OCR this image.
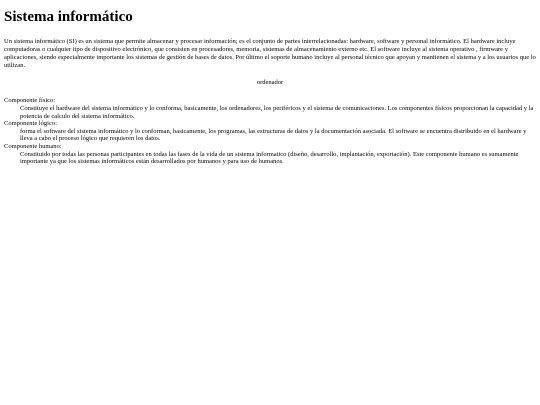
Sistema informático

Un sistema informático (SI) es un sistema que permite almacenar y procesar información; es el conjunto de partes interrelacionadas: hardware, software y personal informático. El hardware incluye computadoras o cualquier tipo de dispositivo electrónico, que consisten en procesadores, memoria, sistemas de almacenamiento externo etc. El software incluye al sistema operativo , firmware y aplicaciones, siendo especialmente importante los sistemas de gestión de bases de datos. Por último el soporte humano incluye al personal técnico que apoyan y mantienen el sistema y a los usuarios que lo utilizan.

ordenador
Componente físico:
Constituye el hardware del sistema informático y lo conforma, basicamente, los ordenadores, los periféricos y el sistema de comunicaciones. Los componentes físicos proporcionan la capacidad y la potencia de calculo del sistema informático.
Componente lógico:
forma el software del sistema informático y lo conforman, basicamente, los programas, las estructuras de datos y la documentación asociada. El software se encuentra distribuido en el hardware y lleva a cabo el proceso lógico que requieren los datos.
Componente humano:
Constituido por todas las personas participantes en todas las fases de la vida de un sistema informatico (diseño, desarrollo, implantación, exportación). Este componente humano es sumamente importante ya que los sistemas informáticos están desarrollados por humanos y para uso de humanos.
